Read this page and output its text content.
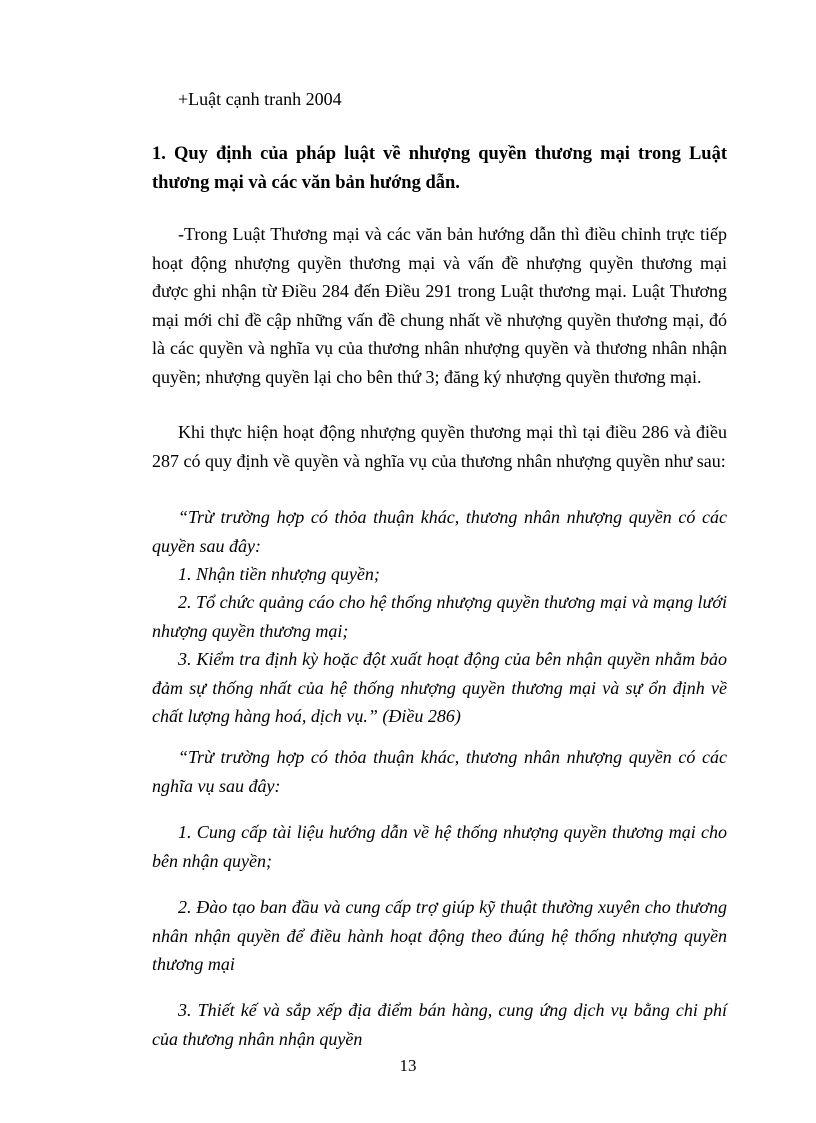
+Luật cạnh tranh 2004

1. Quy định của pháp luật về nhượng quyền thương mại trong Luật thương mại và các văn bản hướng dẫn.

-Trong Luật Thương mại và các văn bản hướng dẫn thì điều chỉnh trực tiếp hoạt động nhượng quyền thương mại và vấn đề nhượng quyền thương mại được ghi nhận từ Điều 284 đến Điều 291 trong Luật thương mại. Luật Thương mại mới chỉ đề cập những vấn đề chung nhất về nhượng quyền thương mại, đó là các quyền và nghĩa vụ của thương nhân nhượng quyền và thương nhân nhận quyền; nhượng quyền lại cho bên thứ 3; đăng ký nhượng quyền thương mại.

Khi thực hiện hoạt động nhượng quyền thương mại thì tại điều 286 và điều 287 có quy định về quyền và nghĩa vụ của thương nhân nhượng quyền như sau:

“Trừ trường hợp có thỏa thuận khác, thương nhân nhượng quyền có các quyền sau đây:

1. Nhận tiền nhượng quyền;

2. Tổ chức quảng cáo cho hệ thống nhượng quyền thương mại và mạng lưới nhượng quyền thương mại;

3. Kiểm tra định kỳ hoặc đột xuất hoạt động của bên nhận quyền nhằm bảo đảm sự thống nhất của hệ thống nhượng quyền thương mại và sự ổn định về chất lượng hàng hoá, dịch vụ.” (Điều 286)

“Trừ trường hợp có thỏa thuận khác, thương nhân nhượng quyền có các nghĩa vụ sau đây:

1. Cung cấp tài liệu hướng dẫn về hệ thống nhượng quyền thương mại cho bên nhận quyền;

2. Đào tạo ban đầu và cung cấp trợ giúp kỹ thuật thường xuyên cho thương nhân nhận quyền để điều hành hoạt động theo đúng hệ thống nhượng quyền thương mại

3. Thiết kế và sắp xếp địa điểm bán hàng, cung ứng dịch vụ bằng chi phí của thương nhân nhận quyền

13
